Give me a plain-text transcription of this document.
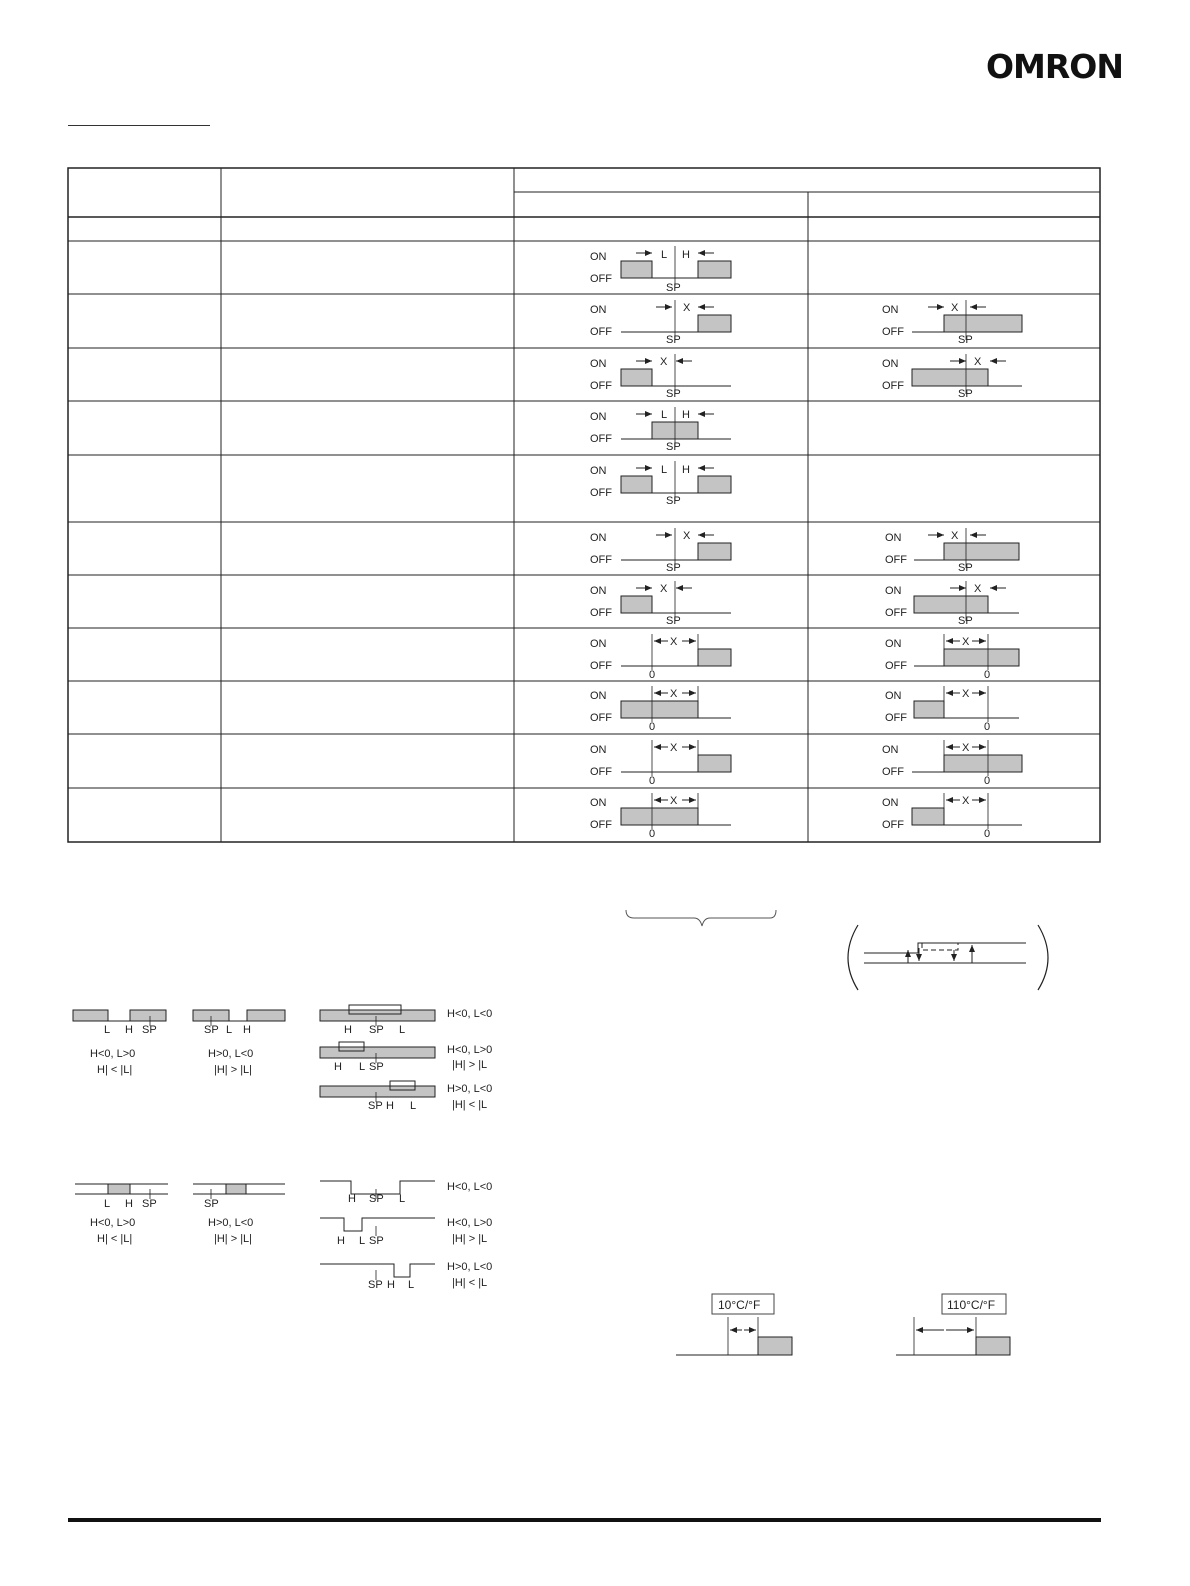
OMRON
ON
OFF
L H
SP
ON
OFF
X
SP
ON
OFF
X
SP
ON
OFF
X
SP
ON
OFF
X
SP
ON
OFF
L H
SP
ON
OFF
L H
SP
ON
OFF
X
SP
ON
OFF
X
SP
ON
OFF
X
SP
ON
OFF
X
SP
ON
OFF
X
0
ON
OFF
X
0
ON
OFF
X
0
ON
OFF
X
0
ON
OFF
X
0
ON
OFF
X
0
ON
OFF
X
0
ON
OFF
X
0
L H SP
H<0, L>0
H| < |L|
SP L H
H>0, L<0
|H| > |L|
H SP L
H<0, L<0
H L SP
H<0, L>0
|H| > |L
SP H L
H>0, L<0
|H| < |L
L H SP
H<0, L>0
H| < |L|
SP
H>0, L<0
|H| > |L|
H SP L
H<0, L<0
H L SP
H<0, L>0
|H| > |L
SP H L
H>0, L<0
|H| < |L
10°C/°F	110°C/°F
